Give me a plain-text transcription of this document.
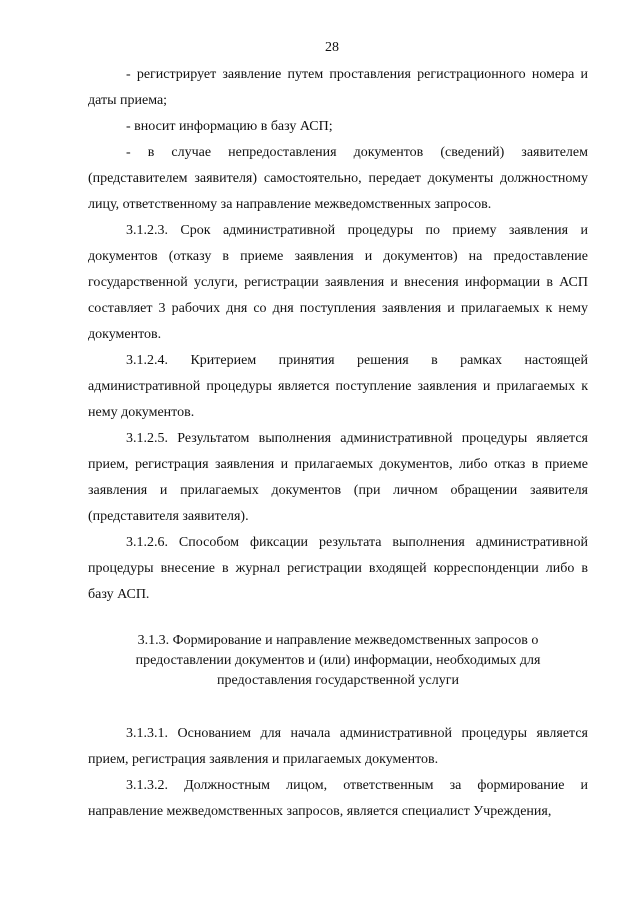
28

- регистрирует заявление путем проставления регистрационного номера и даты приема;

- вносит информацию в базу АСП;

- в случае непредоставления документов (сведений) заявителем (представителем заявителя) самостоятельно, передает документы должностному лицу, ответственному за направление межведомственных запросов.

3.1.2.3. Срок административной процедуры по приему заявления и документов (отказу в приеме заявления и документов) на предоставление государственной услуги, регистрации заявления и внесения информации в АСП составляет 3 рабочих дня со дня поступления заявления и прилагаемых к нему документов.

3.1.2.4. Критерием принятия решения в рамках настоящей административной процедуры является поступление заявления и прилагаемых к нему документов.

3.1.2.5. Результатом выполнения административной процедуры является прием, регистрация заявления и прилагаемых документов, либо отказ в приеме заявления и прилагаемых документов (при личном обращении заявителя (представителя заявителя).

3.1.2.6. Способом фиксации результата выполнения административной процедуры внесение в журнал регистрации входящей корреспонденции либо в базу АСП.

3.1.3. Формирование и направление межведомственных запросов о предоставлении документов и (или) информации, необходимых для предоставления государственной услуги

3.1.3.1. Основанием для начала административной процедуры является прием, регистрация заявления и прилагаемых документов.

3.1.3.2. Должностным лицом, ответственным за формирование и направление межведомственных запросов, является специалист Учреждения,
